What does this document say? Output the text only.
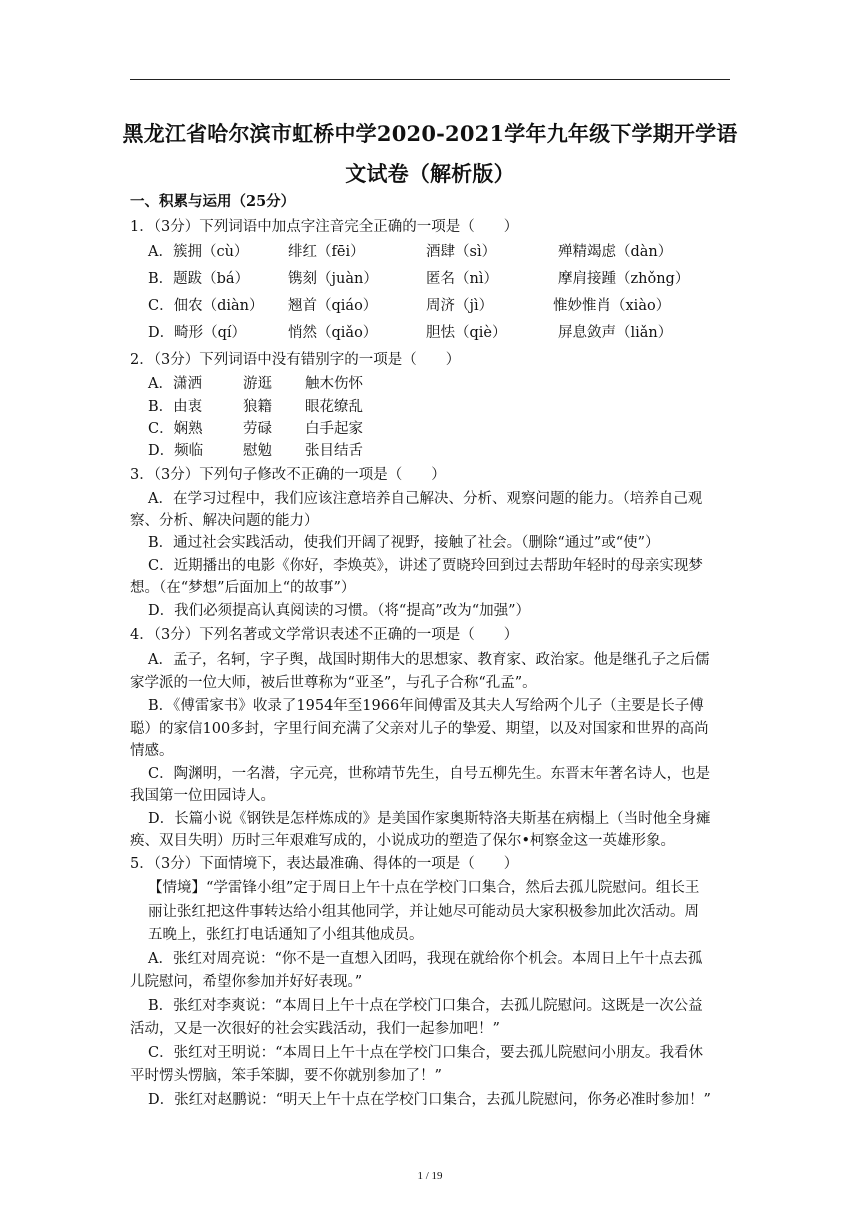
黑龙江省哈尔滨市虹桥中学2020-2021学年九年级下学期开学语
文试卷（解析版）
一、积累与运用（25分）
1．（3分）下列词语中加点字注音完全正确的一项是（　　）
A．簇拥（cù）	绯红（fēi）	酒肆（sì）	殚精竭虑（dàn）
B．题跋（bá）	镌刻（juàn）	匿名（nì）	摩肩接踵（zhǒng）
C．佃农（diàn） 翘首（qiáo）	周济（jì）	惟妙惟肖（xiào）
D．畸形（qí）	悄然（qiǎo）	胆怯（qiè）	屏息敛声（liǎn）
2．（3分）下列词语中没有错别字的一项是（　　）
A．潇洒	游逛 触木伤怀
B．由衷	狼籍 眼花缭乱
C．娴熟	劳碌 白手起家
D．频临	慰勉 张目结舌
3．（3分）下列句子修改不正确的一项是（　　）
A．在学习过程中，我们应该注意培养自己解决、分析、观察问题的能力。（培养自己观
察、分析、解决问题的能力）
B．通过社会实践活动，使我们开阔了视野，接触了社会。（删除“通过”或“使”）
C．近期播出的电影《你好，李焕英》，讲述了贾晓玲回到过去帮助年轻时的母亲实现梦
想。（在“梦想”后面加上“的故事”）
D．我们必须提高认真阅读的习惯。（将“提高”改为“加强”）
4．（3分）下列名著或文学常识表述不正确的一项是（　　）
A．孟子，名轲，字子舆，战国时期伟大的思想家、教育家、政治家。他是继孔子之后儒
家学派的一位大师，被后世尊称为“亚圣”，与孔子合称“孔孟”。
B．《傅雷家书》收录了1954年至1966年间傅雷及其夫人写给两个儿子（主要是长子傅
聪）的家信100多封，字里行间充满了父亲对儿子的挚爱、期望，以及对国家和世界的高尚
情感。
C．陶渊明，一名潜，字元亮，世称靖节先生，自号五柳先生。东晋末年著名诗人，也是
我国第一位田园诗人。
D．长篇小说《钢铁是怎样炼成的》是美国作家奥斯特洛夫斯基在病榻上（当时他全身瘫
痪、双目失明）历时三年艰难写成的，小说成功的塑造了保尔•柯察金这一英雄形象。
5．（3分）下面情境下，表达最准确、得体的一项是（　　）
【情境】“学雷锋小组”定于周日上午十点在学校门口集合，然后去孤儿院慰问。组长王
丽让张红把这件事转达给小组其他同学，并让她尽可能动员大家积极参加此次活动。周
五晚上，张红打电话通知了小组其他成员。
A．张红对周亮说：“你不是一直想入团吗，我现在就给你个机会。本周日上午十点去孤
儿院慰问，希望你参加并好好表现。”
B．张红对李爽说：“本周日上午十点在学校门口集合，去孤儿院慰问。这既是一次公益
活动，又是一次很好的社会实践活动，我们一起参加吧！”
C．张红对王明说：“本周日上午十点在学校门口集合，要去孤儿院慰问小朋友。我看休
平时愣头愣脑，笨手笨脚，要不你就别参加了！”
D．张红对赵鹏说：“明天上午十点在学校门口集合，去孤儿院慰问，你务必准时参加！”
1 / 19
